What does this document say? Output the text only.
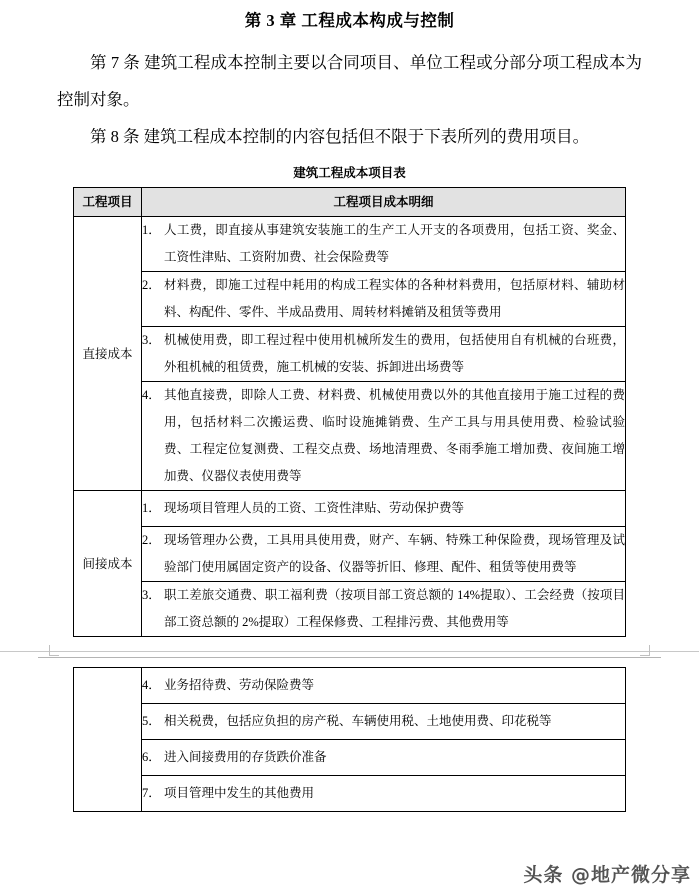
第 3 章 工程成本构成与控制

第 7 条 建筑工程成本控制主要以合同项目、单位工程或分部分项工程成本为控制对象。

第 8 条 建筑工程成本控制的内容包括但不限于下表所列的费用项目。

建筑工程成本项目表
工程项目	工程项目成本明细
直接成本	1． 人工费，即直接从事建筑安装施工的生产工人开支的各项费用，包括工资、奖金、工资性津贴、工资附加费、社会保险费等

	2． 材料费，即施工过程中耗用的构成工程实体的各种材料费用，包括原材料、辅助材料、构配件、零件、半成品费用、周转材料摊销及租赁等费用

	3． 机械使用费，即工程过程中使用机械所发生的费用，包括使用自有机械的台班费，外租机械的租赁费，施工机械的安装、拆卸进出场费等

	4． 其他直接费，即除人工费、材料费、机械使用费以外的其他直接用于施工过程的费用，包括材料二次搬运费、临时设施摊销费、生产工具与用具使用费、检验试验费、工程定位复测费、工程交点费、场地清理费、冬雨季施工增加费、夜间施工增加费、仪器仪表使用费等

间接成本	1． 现场项目管理人员的工资、工资性津贴、劳动保护费等

	2． 现场管理办公费，工具用具使用费，财产、车辆、特殊工种保险费，现场管理及试验部门使用属固定资产的设备、仪器等折旧、修理、配件、租赁等使用费等

	3． 职工差旅交通费、职工福利费（按项目部工资总额的 14%提取）、工会经费（按项目部工资总额的 2%提取）工程保修费、工程排污费、其他费用等

4． 业务招待费、劳动保险费等

5． 相关税费，包括应负担的房产税、车辆使用税、土地使用费、印花税等

6． 进入间接费用的存货跌价准备

7． 项目管理中发生的其他费用
头条 @地产微分享
